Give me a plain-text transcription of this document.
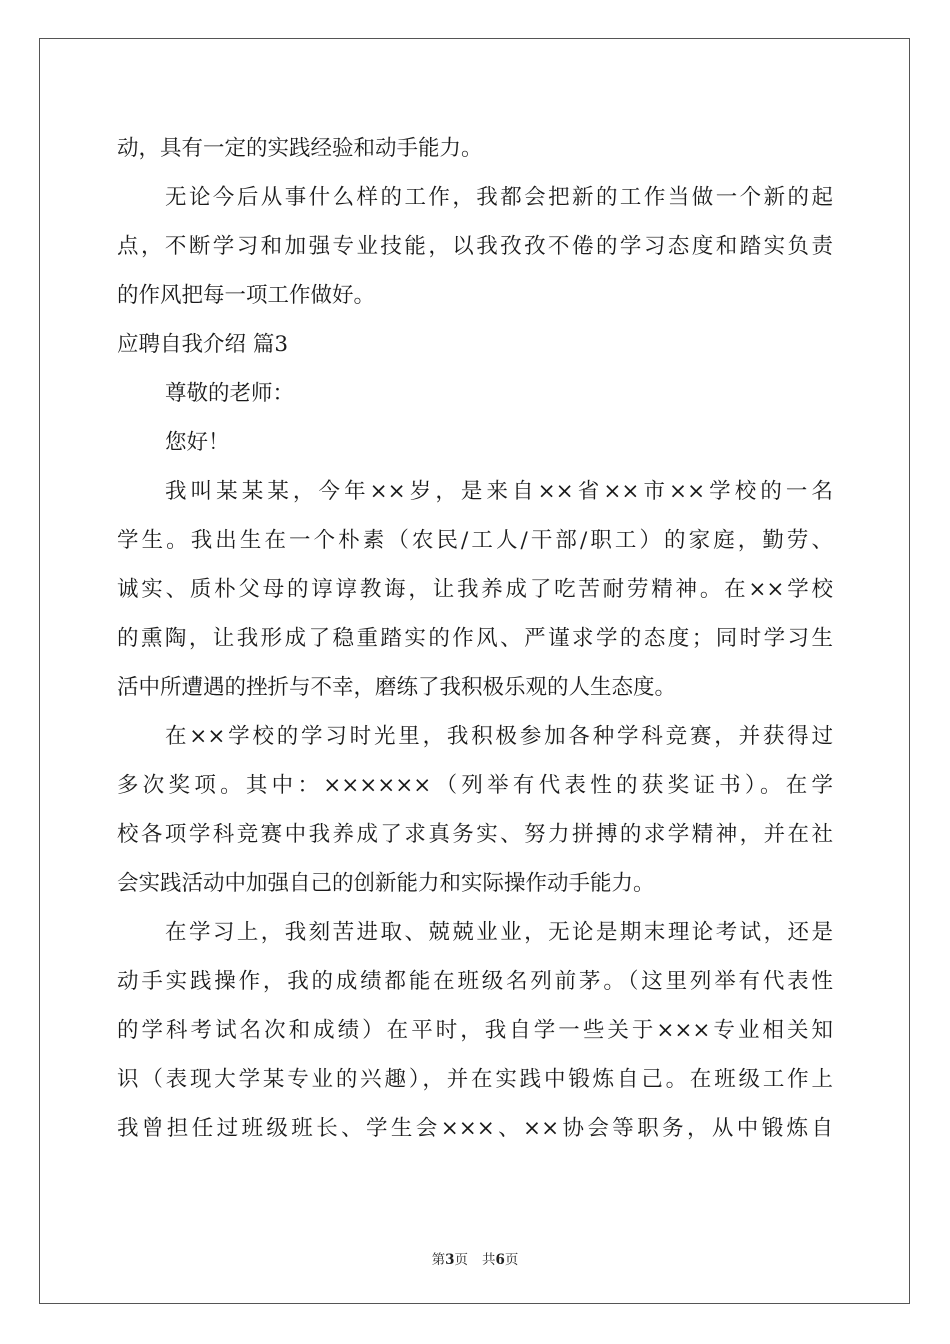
动，具有一定的实践经验和动手能力。
无论今后从事什么样的工作，我都会把新的工作当做一个新的起
点，不断学习和加强专业技能，以我孜孜不倦的学习态度和踏实负责
的作风把每一项工作做好。
应聘自我介绍 篇3
尊敬的老师：
您好！
我叫某某某，今年××岁，是来自××省××市××学校的一名
学生。我出生在一个朴素（农民/工人/干部/职工）的家庭，勤劳、
诚实、质朴父母的谆谆教诲，让我养成了吃苦耐劳精神。在××学校
的熏陶，让我形成了稳重踏实的作风、严谨求学的态度；同时学习生
活中所遭遇的挫折与不幸，磨练了我积极乐观的人生态度。
在××学校的学习时光里，我积极参加各种学科竞赛，并获得过
多次奖项。其中：××××××（列举有代表性的获奖证书）。在学
校各项学科竞赛中我养成了求真务实、努力拼搏的求学精神，并在社
会实践活动中加强自己的创新能力和实际操作动手能力。
在学习上，我刻苦进取、兢兢业业，无论是期末理论考试，还是
动手实践操作，我的成绩都能在班级名列前茅。（这里列举有代表性
的学科考试名次和成绩）在平时，我自学一些关于×××专业相关知
识（表现大学某专业的兴趣），并在实践中锻炼自己。在班级工作上
我曾担任过班级班长、学生会×××、××协会等职务，从中锻炼自
第3页 共6页
